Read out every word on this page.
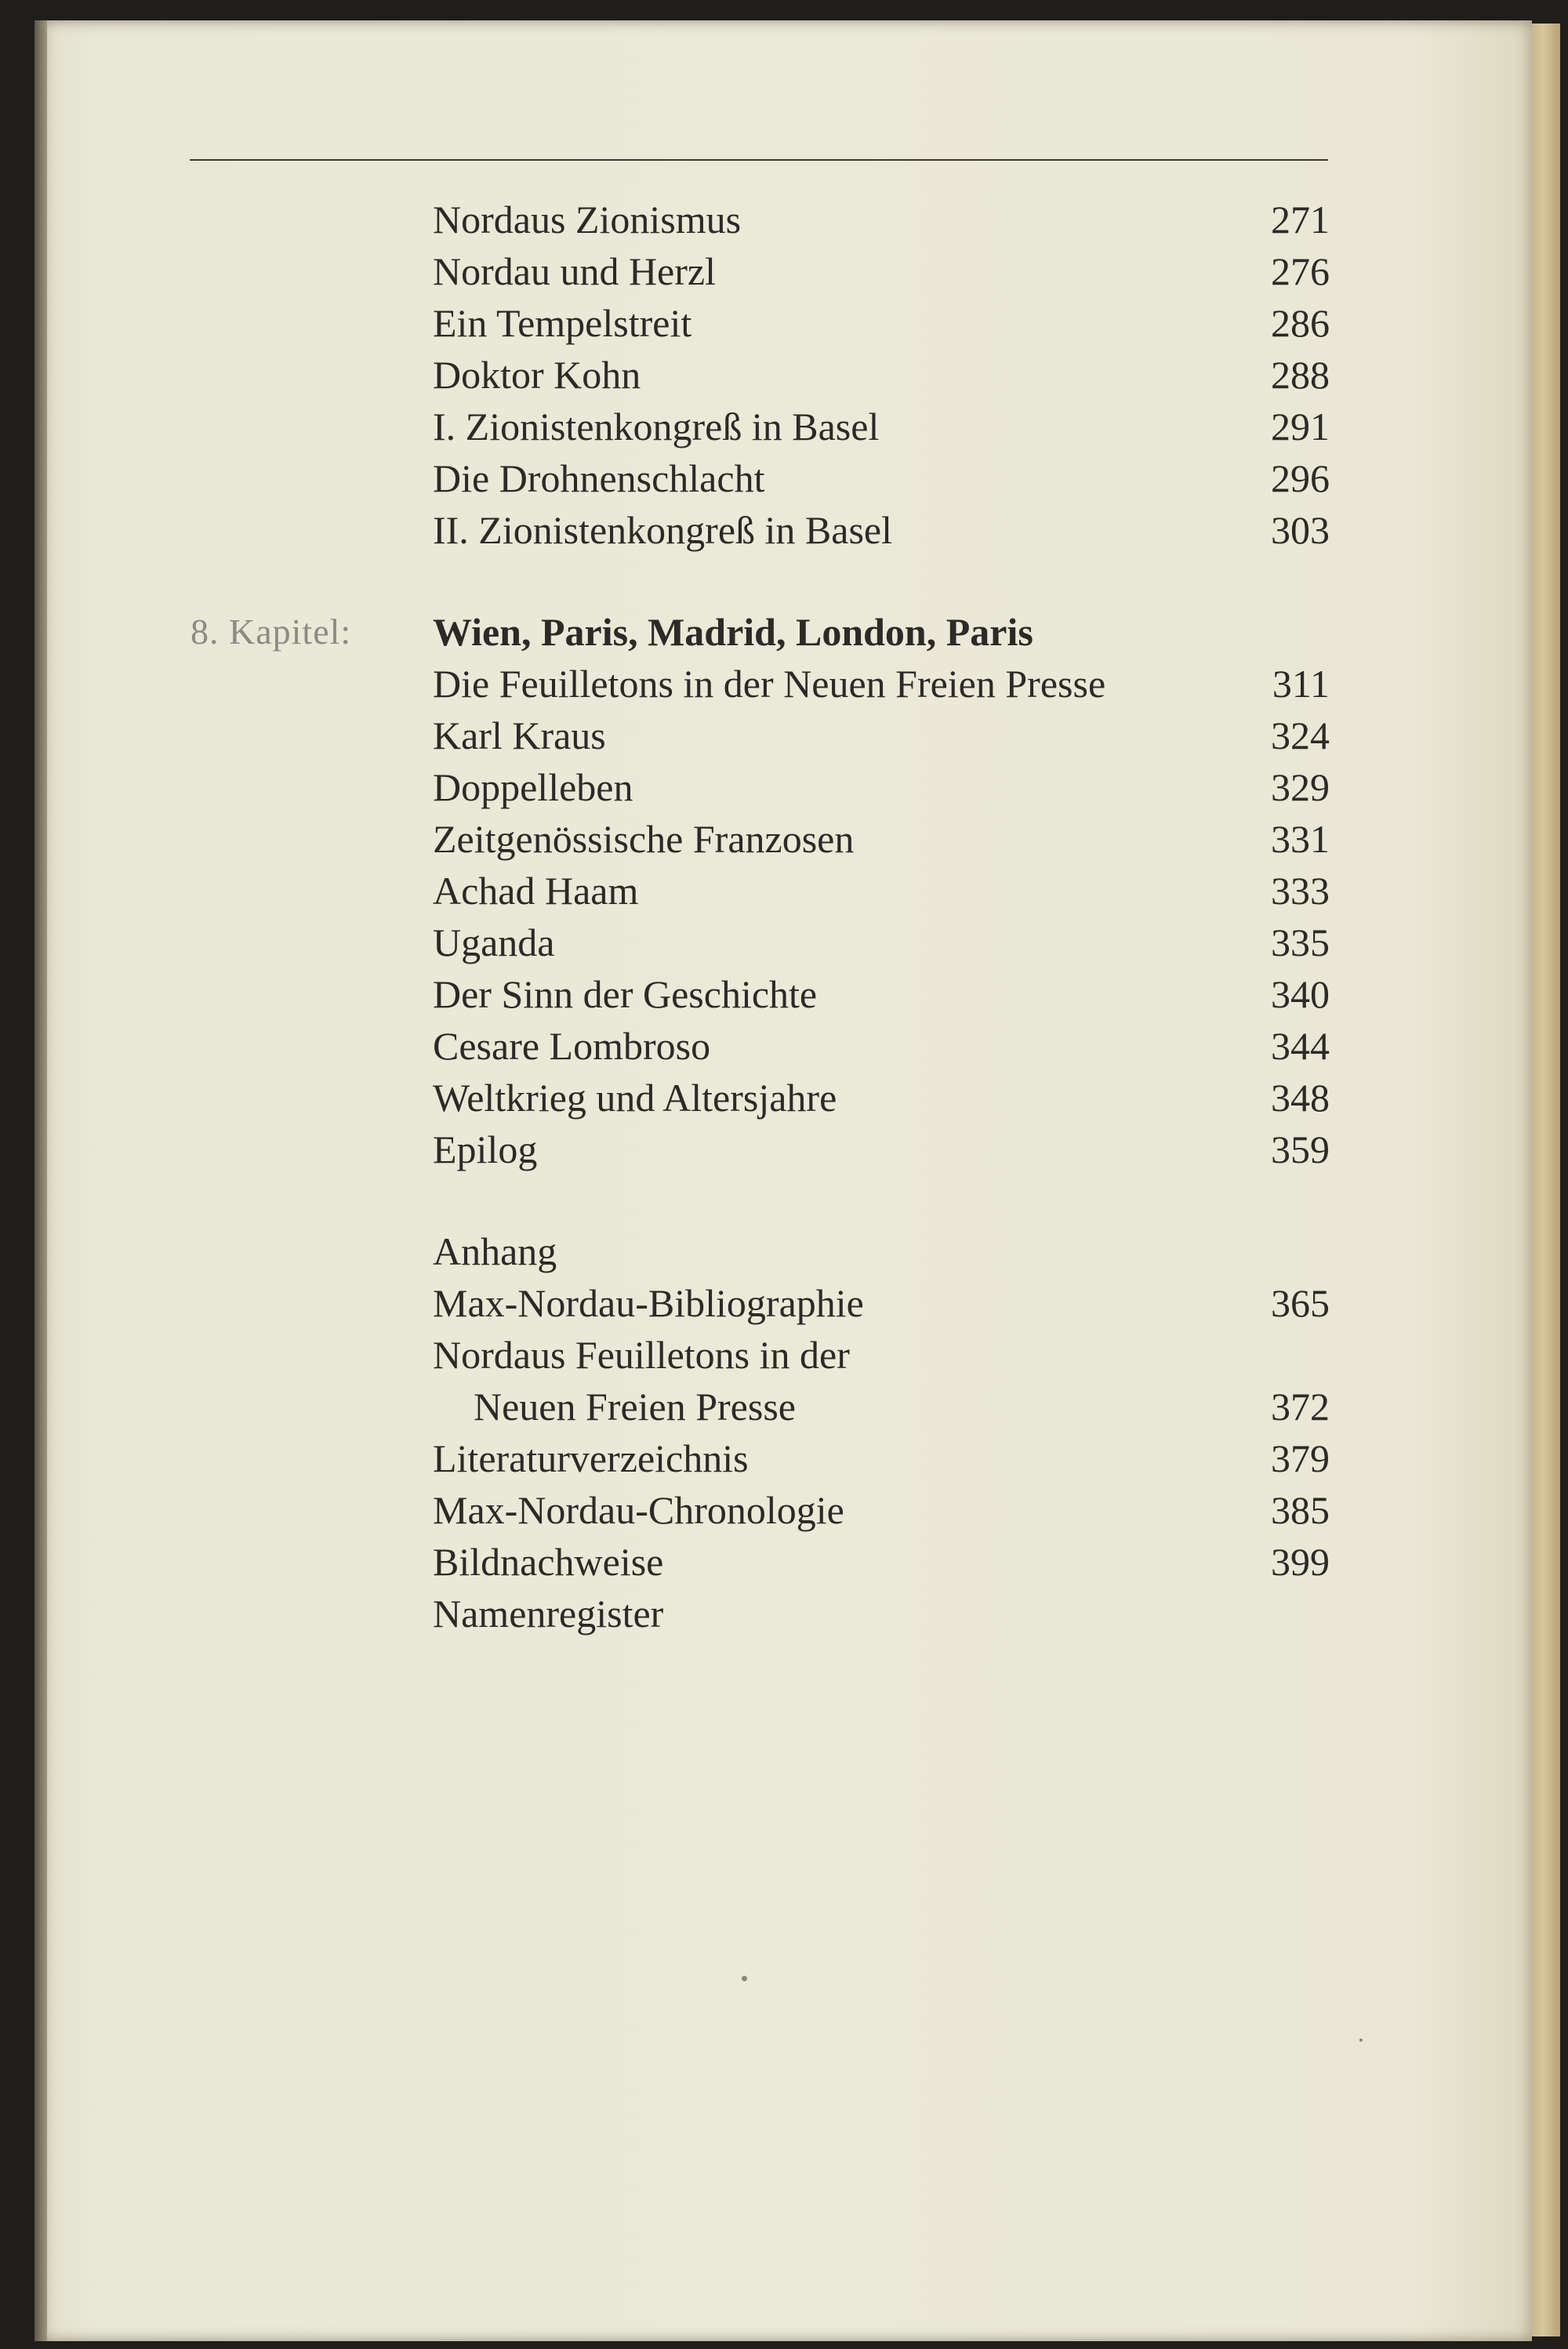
Nordaus Zionismus	271
Nordau und Herzl	276
Ein Tempelstreit	286
Doktor Kohn	288
I. Zionistenkongreß in Basel	291
Die Drohnenschlacht	296
II. Zionistenkongreß in Basel	303
8. Kapitel: Wien, Paris, Madrid, London, Paris
Die Feuilletons in der Neuen Freien Presse	311
Karl Kraus	324
Doppelleben	329
Zeitgenössische Franzosen	331
Achad Haam	333
Uganda	335
Der Sinn der Geschichte	340
Cesare Lombroso	344
Weltkrieg und Altersjahre	348
Epilog	359
Anhang
Max-Nordau-Bibliographie	365
Nordaus Feuilletons in der
Neuen Freien Presse	372
Literaturverzeichnis	379
Max-Nordau-Chronologie	385
Bildnachweise	399
Namenregister
